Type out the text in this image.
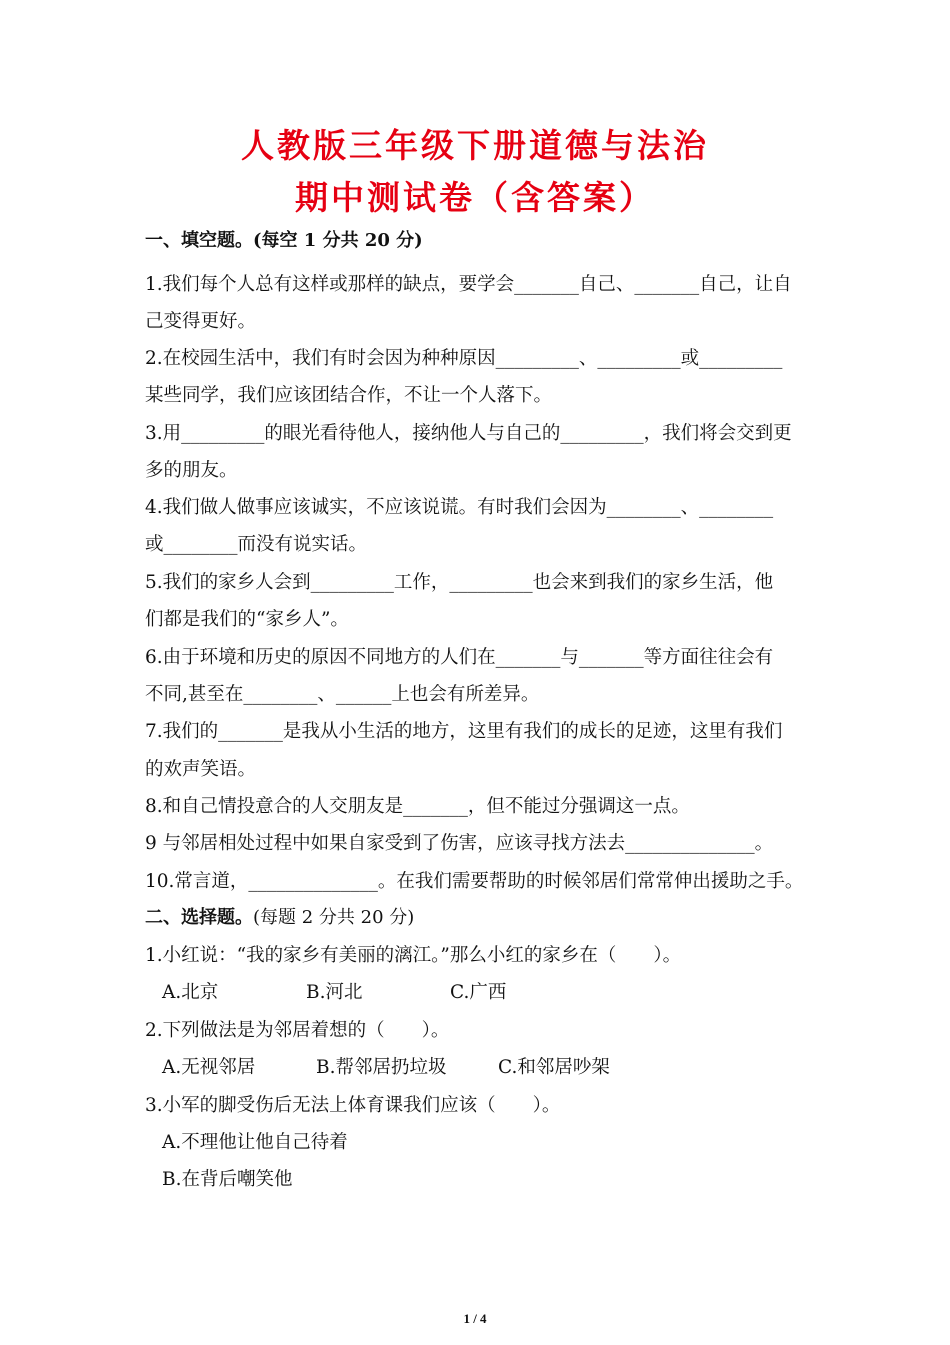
人教版三年级下册道德与法治
期中测试卷（含答案）
一、填空题。(每空 1 分共 20 分)
1.我们每个人总有这样或那样的缺点，要学会_______自己、_______自己，让自
己变得更好。
2.在校园生活中，我们有时会因为种种原因_________、_________或_________
某些同学，我们应该团结合作，不让一个人落下。
3.用_________的眼光看待他人，接纳他人与自己的_________，我们将会交到更
多的朋友。
4.我们做人做事应该诚实，不应该说谎。有时我们会因为________、________
或________而没有说实话。
5.我们的家乡人会到_________工作，_________也会来到我们的家乡生活，他
们都是我们的“家乡人”。
6.由于环境和历史的原因不同地方的人们在_______与_______等方面往往会有
不同,甚至在________、______上也会有所差异。
7.我们的_______是我从小生活的地方，这里有我们的成长的足迹，这里有我们
的欢声笑语。
8.和自己情投意合的人交朋友是_______，但不能过分强调这一点。
9 与邻居相处过程中如果自家受到了伤害，应该寻找方法去______________。
10.常言道，______________。在我们需要帮助的时候邻居们常常伸出援助之手。
二、选择题。(每题 2 分共 20 分)
1.小红说：“我的家乡有美丽的漓江。”那么小红的家乡在（　　）。
A.北京	B.河北	C.广西
2.下列做法是为邻居着想的（　　）。
A.无视邻居	B.帮邻居扔垃圾	C.和邻居吵架
3.小军的脚受伤后无法上体育课我们应该（　　）。
A.不理他让他自己待着
B.在背后嘲笑他
1 / 4
